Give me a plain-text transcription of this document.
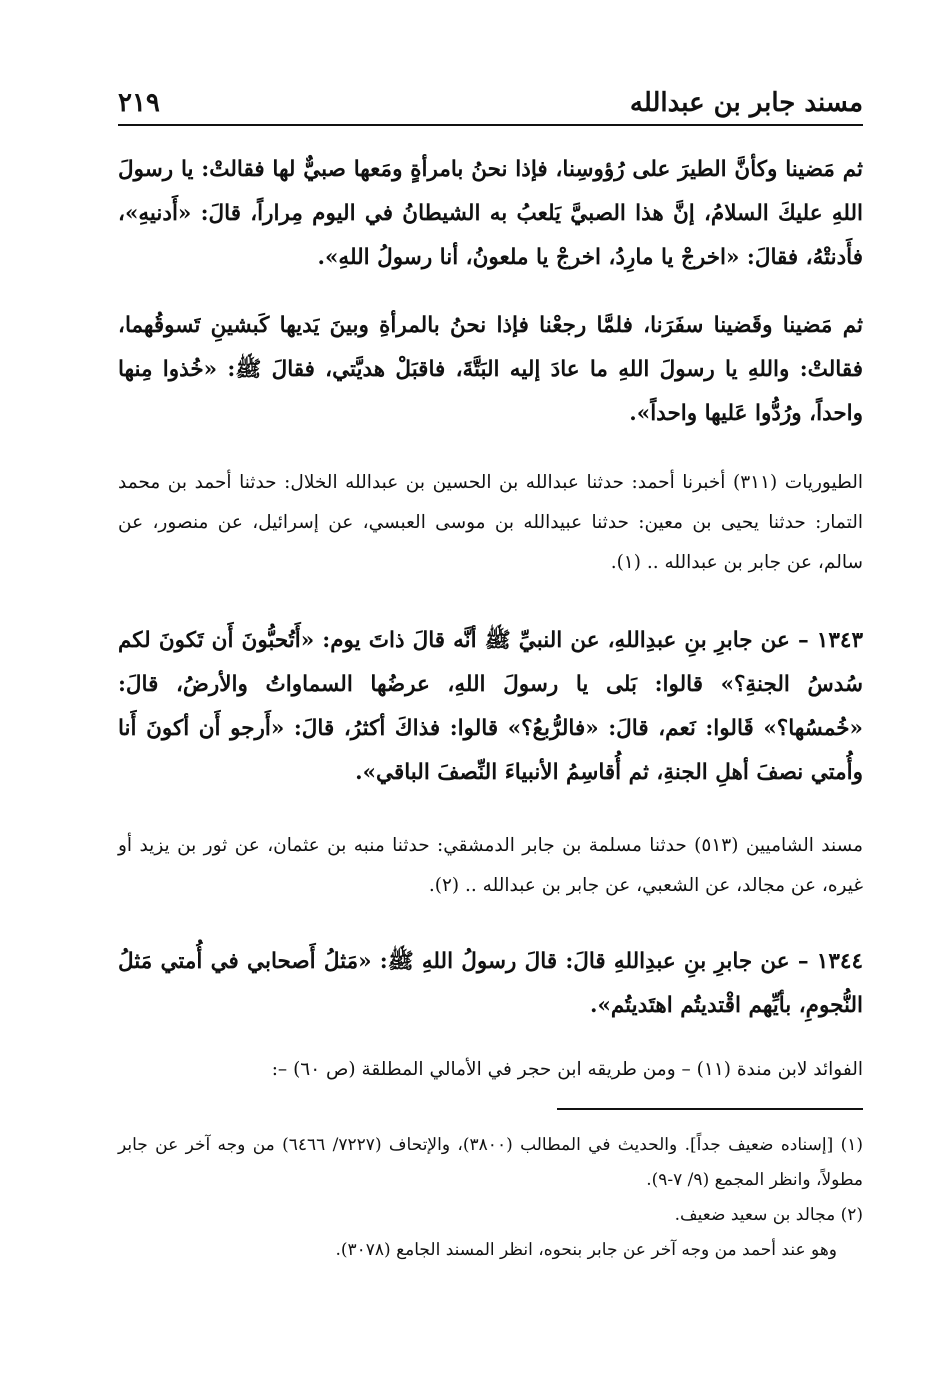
مسند جابر بن عبدالله
٢١٩

ثم مَضينا وكأنَّ الطيرَ على رُؤوسِنا، فإذا نحنُ بامرأةٍ ومَعها صبيٌّ لها فقالتْ: يا رسولَ اللهِ عليكَ السلامُ، إنَّ هذا الصبيَّ يَلعبُ به الشيطانُ في اليوم مِراراً، قالَ: «أَدنيهِ»، فأَدنتْهُ، فقالَ: «اخرجْ يا مارِدُ، اخرجْ يا ملعونُ، أنا رسولُ اللهِ».

ثم مَضينا وقَضينا سفَرَنا، فلمَّا رجعْنا فإذا نحنُ بالمرأةِ وبينَ يَديها كَبشينِ تَسوقُهما، فقالتْ: واللهِ يا رسولَ اللهِ ما عادَ إليه البَتَّةَ، فاقبَلْ هديَّتي، فقالَ ﷺ: «خُذوا مِنها واحداً، ورُدُّوا عَليها واحداً».

الطيوريات (٣١١) أخبرنا أحمد: حدثنا عبدالله بن الحسين بن عبدالله الخلال: حدثنا أحمد بن محمد التمار: حدثنا يحيى بن معين: حدثنا عبيدالله بن موسى العبسي، عن إسرائيل، عن منصور، عن سالم، عن جابر بن عبدالله .. (١).

١٣٤٣ – عن جابرِ بنِ عبدِاللهِ، عن النبيِّ ﷺ أنَّه قالَ ذاتَ يوم: «أَتُحبُّونَ أَن تَكونَ لكم سُدسُ الجنةِ؟» قالوا: بَلى يا رسولَ اللهِ، عرضُها السماواتُ والأرضُ، قالَ: «خُمسُها؟» قَالوا: نَعم، قالَ: «فالرُّبعُ؟» قالوا: فذاكَ أكثرُ، قالَ: «أَرجو أَن أكونَ أَنا وأُمتي نصفَ أهلِ الجنةِ، ثم أُقاسِمُ الأنبياءَ النِّصفَ الباقي».

مسند الشاميين (٥١٣) حدثنا مسلمة بن جابر الدمشقي: حدثنا منبه بن عثمان، عن ثور بن يزيد أو غيره، عن مجالد، عن الشعبي، عن جابر بن عبدالله .. (٢).

١٣٤٤ – عن جابرِ بنِ عبدِاللهِ قالَ: قالَ رسولُ اللهِ ﷺ: «مَثلُ أَصحابي في أُمتي مَثلُ النُّجومِ، بأيِّهم اقْتديتُم اهتَديتُم».

الفوائد لابن مندة (١١) – ومن طريقه ابن حجر في الأمالي المطلقة (ص ٦٠) –:

(١) [إسناده ضعيف جداً]. والحديث في المطالب (٣٨٠٠)، والإتحاف (٧٢٢٧/ ٦٤٦٦) من وجه آخر عن جابر مطولاً، وانظر المجمع (٩/ ٧-٩).

(٢) مجالد بن سعيد ضعيف.

وهو عند أحمد من وجه آخر عن جابر بنحوه، انظر المسند الجامع (٣٠٧٨).
